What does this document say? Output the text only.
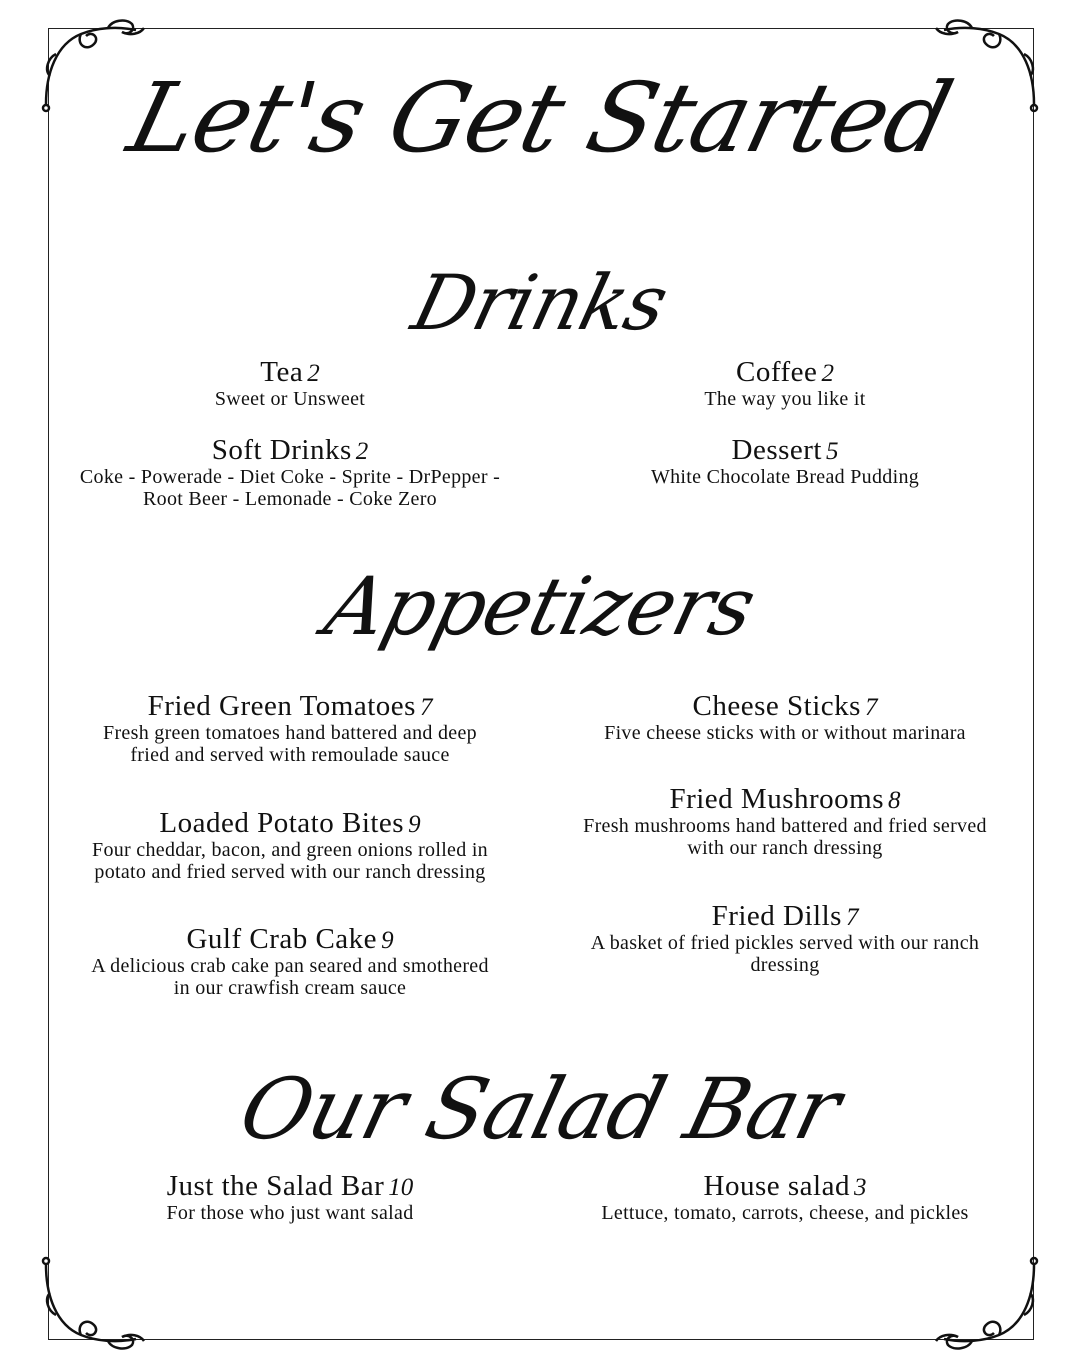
Let's Get Started
Drinks
Tea 2
Sweet or Unsweet
Coffee 2
The way you like it
Soft Drinks 2
Coke - Powerade - Diet Coke - Sprite - DrPepper -
Root Beer - Lemonade - Coke Zero
Dessert 5
White Chocolate Bread Pudding
Appetizers
Fried Green Tomatoes 7
Fresh green tomatoes hand battered and deep
fried and served with remoulade sauce
Cheese Sticks 7
Five cheese sticks with or without marinara
Loaded Potato Bites 9
Four cheddar, bacon, and green onions rolled in
potato and fried served with our ranch dressing
Fried Mushrooms 8
Fresh mushrooms hand battered and fried served
with our ranch dressing
Gulf Crab Cake 9
A delicious crab cake pan seared and smothered
in our crawfish cream sauce
Fried Dills 7
A basket of fried pickles served with our ranch
dressing
Our Salad Bar
Just the Salad Bar 10
For those who just want salad
House salad 3
Lettuce, tomato, carrots, cheese, and pickles
